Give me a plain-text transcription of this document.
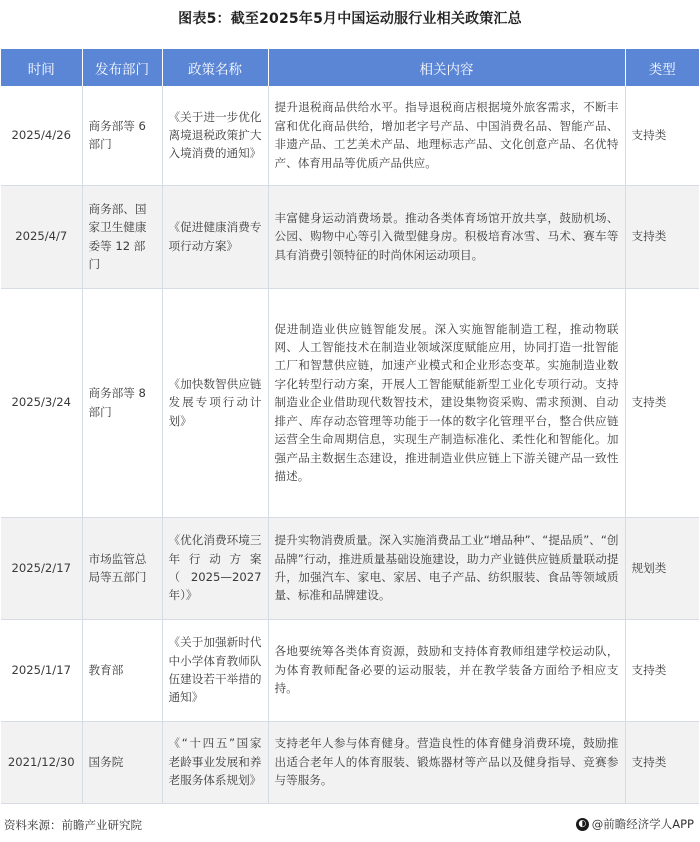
图表5：截至2025年5月中国运动服行业相关政策汇总
时间	发布部门	政策名称	相关内容	类型
2025/4/26	商务部等 6 部门	《关于进一步优化离境退税政策扩大入境消费的通知》	提升退税商品供给水平。指导退税商店根据境外旅客需求，不断丰富和优化商品供给，增加老字号产品、中国消费名品、智能产品、非遗产品、工艺美术产品、地理标志产品、文化创意产品、名优特产、体育用品等优质产品供应。	支持类
2025/4/7	商务部、国家卫生健康委等 12 部门	《促进健康消费专项行动方案》	丰富健身运动消费场景。推动各类体育场馆开放共享，鼓励机场、公园、购物中心等引入微型健身房。积极培育冰雪、马术、赛车等具有消费引领特征的时尚休闲运动项目。	支持类
2025/3/24	商务部等 8 部门	《加快数智供应链发展专项行动计划》	促进制造业供应链智能发展。深入实施智能制造工程，推动物联网、人工智能技术在制造业领域深度赋能应用，协同打造一批智能工厂和智慧供应链，加速产业模式和企业形态变革。实施制造业数字化转型行动方案，开展人工智能赋能新型工业化专项行动。支持制造业企业借助现代数智技术，建设集物资采购、需求预测、自动排产、库存动态管理等功能于一体的数字化管理平台，整合供应链运营全生命周期信息，实现生产制造标准化、柔性化和智能化。加强产品主数据生态建设，推进制造业供应链上下游关键产品一致性描述。	支持类
2025/2/17	市场监管总局等五部门	《优化消费环境三年行动方案（2025—2027年）》	提升实物消费质量。深入实施消费品工业“增品种”、“提品质”、“创品牌”行动，推进质量基础设施建设，助力产业链供应链质量联动提升，加强汽车、家电、家居、电子产品、纺织服装、食品等领域质量、标准和品牌建设。	规划类
2025/1/17	教育部	《关于加强新时代中小学体育教师队伍建设若干举措的通知》	各地要统筹各类体育资源，鼓励和支持体育教师组建学校运动队，为体育教师配备必要的运动服装，并在教学装备方面给予相应支持。	支持类
2021/12/30	国务院	《“十四五”国家老龄事业发展和养老服务体系规划》	支持老年人参与体育健身。营造良性的体育健身消费环境，鼓励推出适合老年人的体育服装、锻炼器材等产品以及健身指导、竞赛参与等服务。	支持类
资料来源：前瞻产业研究院	◐ @前瞻经济学人APP
